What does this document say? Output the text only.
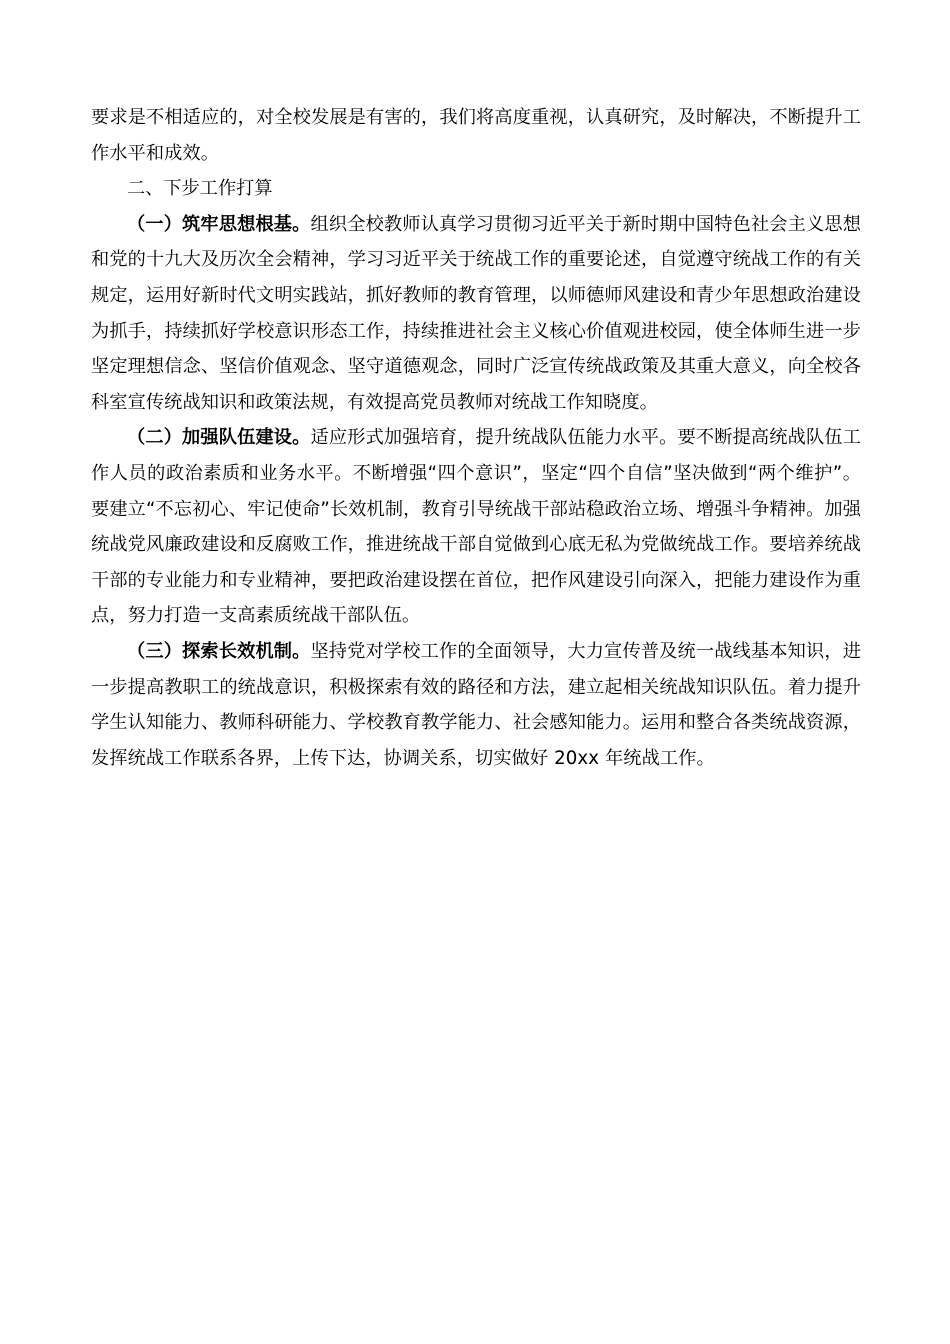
要求是不相适应的，对全校发展是有害的，我们将高度重视，认真研究，及时解决，不断提升工作水平和成效。

二、下步工作打算

（一）筑牢思想根基。组织全校教师认真学习贯彻习近平关于新时期中国特色社会主义思想和党的十九大及历次全会精神，学习习近平关于统战工作的重要论述，自觉遵守统战工作的有关规定，运用好新时代文明实践站，抓好教师的教育管理，以师德师风建设和青少年思想政治建设为抓手，持续抓好学校意识形态工作，持续推进社会主义核心价值观进校园，使全体师生进一步坚定理想信念、坚信价值观念、坚守道德观念，同时广泛宣传统战政策及其重大意义，向全校各科室宣传统战知识和政策法规，有效提高党员教师对统战工作知晓度。

（二）加强队伍建设。适应形式加强培育，提升统战队伍能力水平。要不断提高统战队伍工作人员的政治素质和业务水平。不断增强“四个意识”，坚定“四个自信”坚决做到“两个维护”。要建立“不忘初心、牢记使命”长效机制，教育引导统战干部站稳政治立场、增强斗争精神。加强统战党风廉政建设和反腐败工作，推进统战干部自觉做到心底无私为党做统战工作。要培养统战干部的专业能力和专业精神，要把政治建设摆在首位，把作风建设引向深入，把能力建设作为重点，努力打造一支高素质统战干部队伍。

（三）探索长效机制。坚持党对学校工作的全面领导，大力宣传普及统一战线基本知识，进一步提高教职工的统战意识，积极探索有效的路径和方法，建立起相关统战知识队伍。着力提升学生认知能力、教师科研能力、学校教育教学能力、社会感知能力。运用和整合各类统战资源，发挥统战工作联系各界，上传下达，协调关系，切实做好 20xx 年统战工作。
